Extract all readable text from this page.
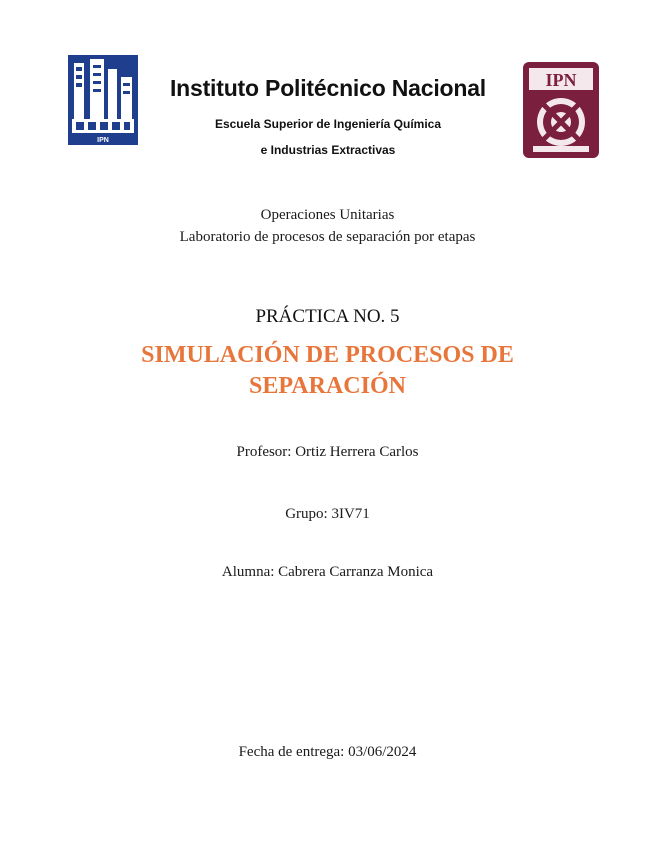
IPN
Instituto Politécnico Nacional
Escuela Superior de Ingeniería Química
e Industrias Extractivas
IPN
Operaciones Unitarias
Laboratorio de procesos de separación por etapas
PRÁCTICA NO. 5
SIMULACIÓN DE PROCESOS DE
SEPARACIÓN
Profesor: Ortiz Herrera Carlos
Grupo: 3IV71
Alumna: Cabrera Carranza Monica
Fecha de entrega: 03/06/2024
